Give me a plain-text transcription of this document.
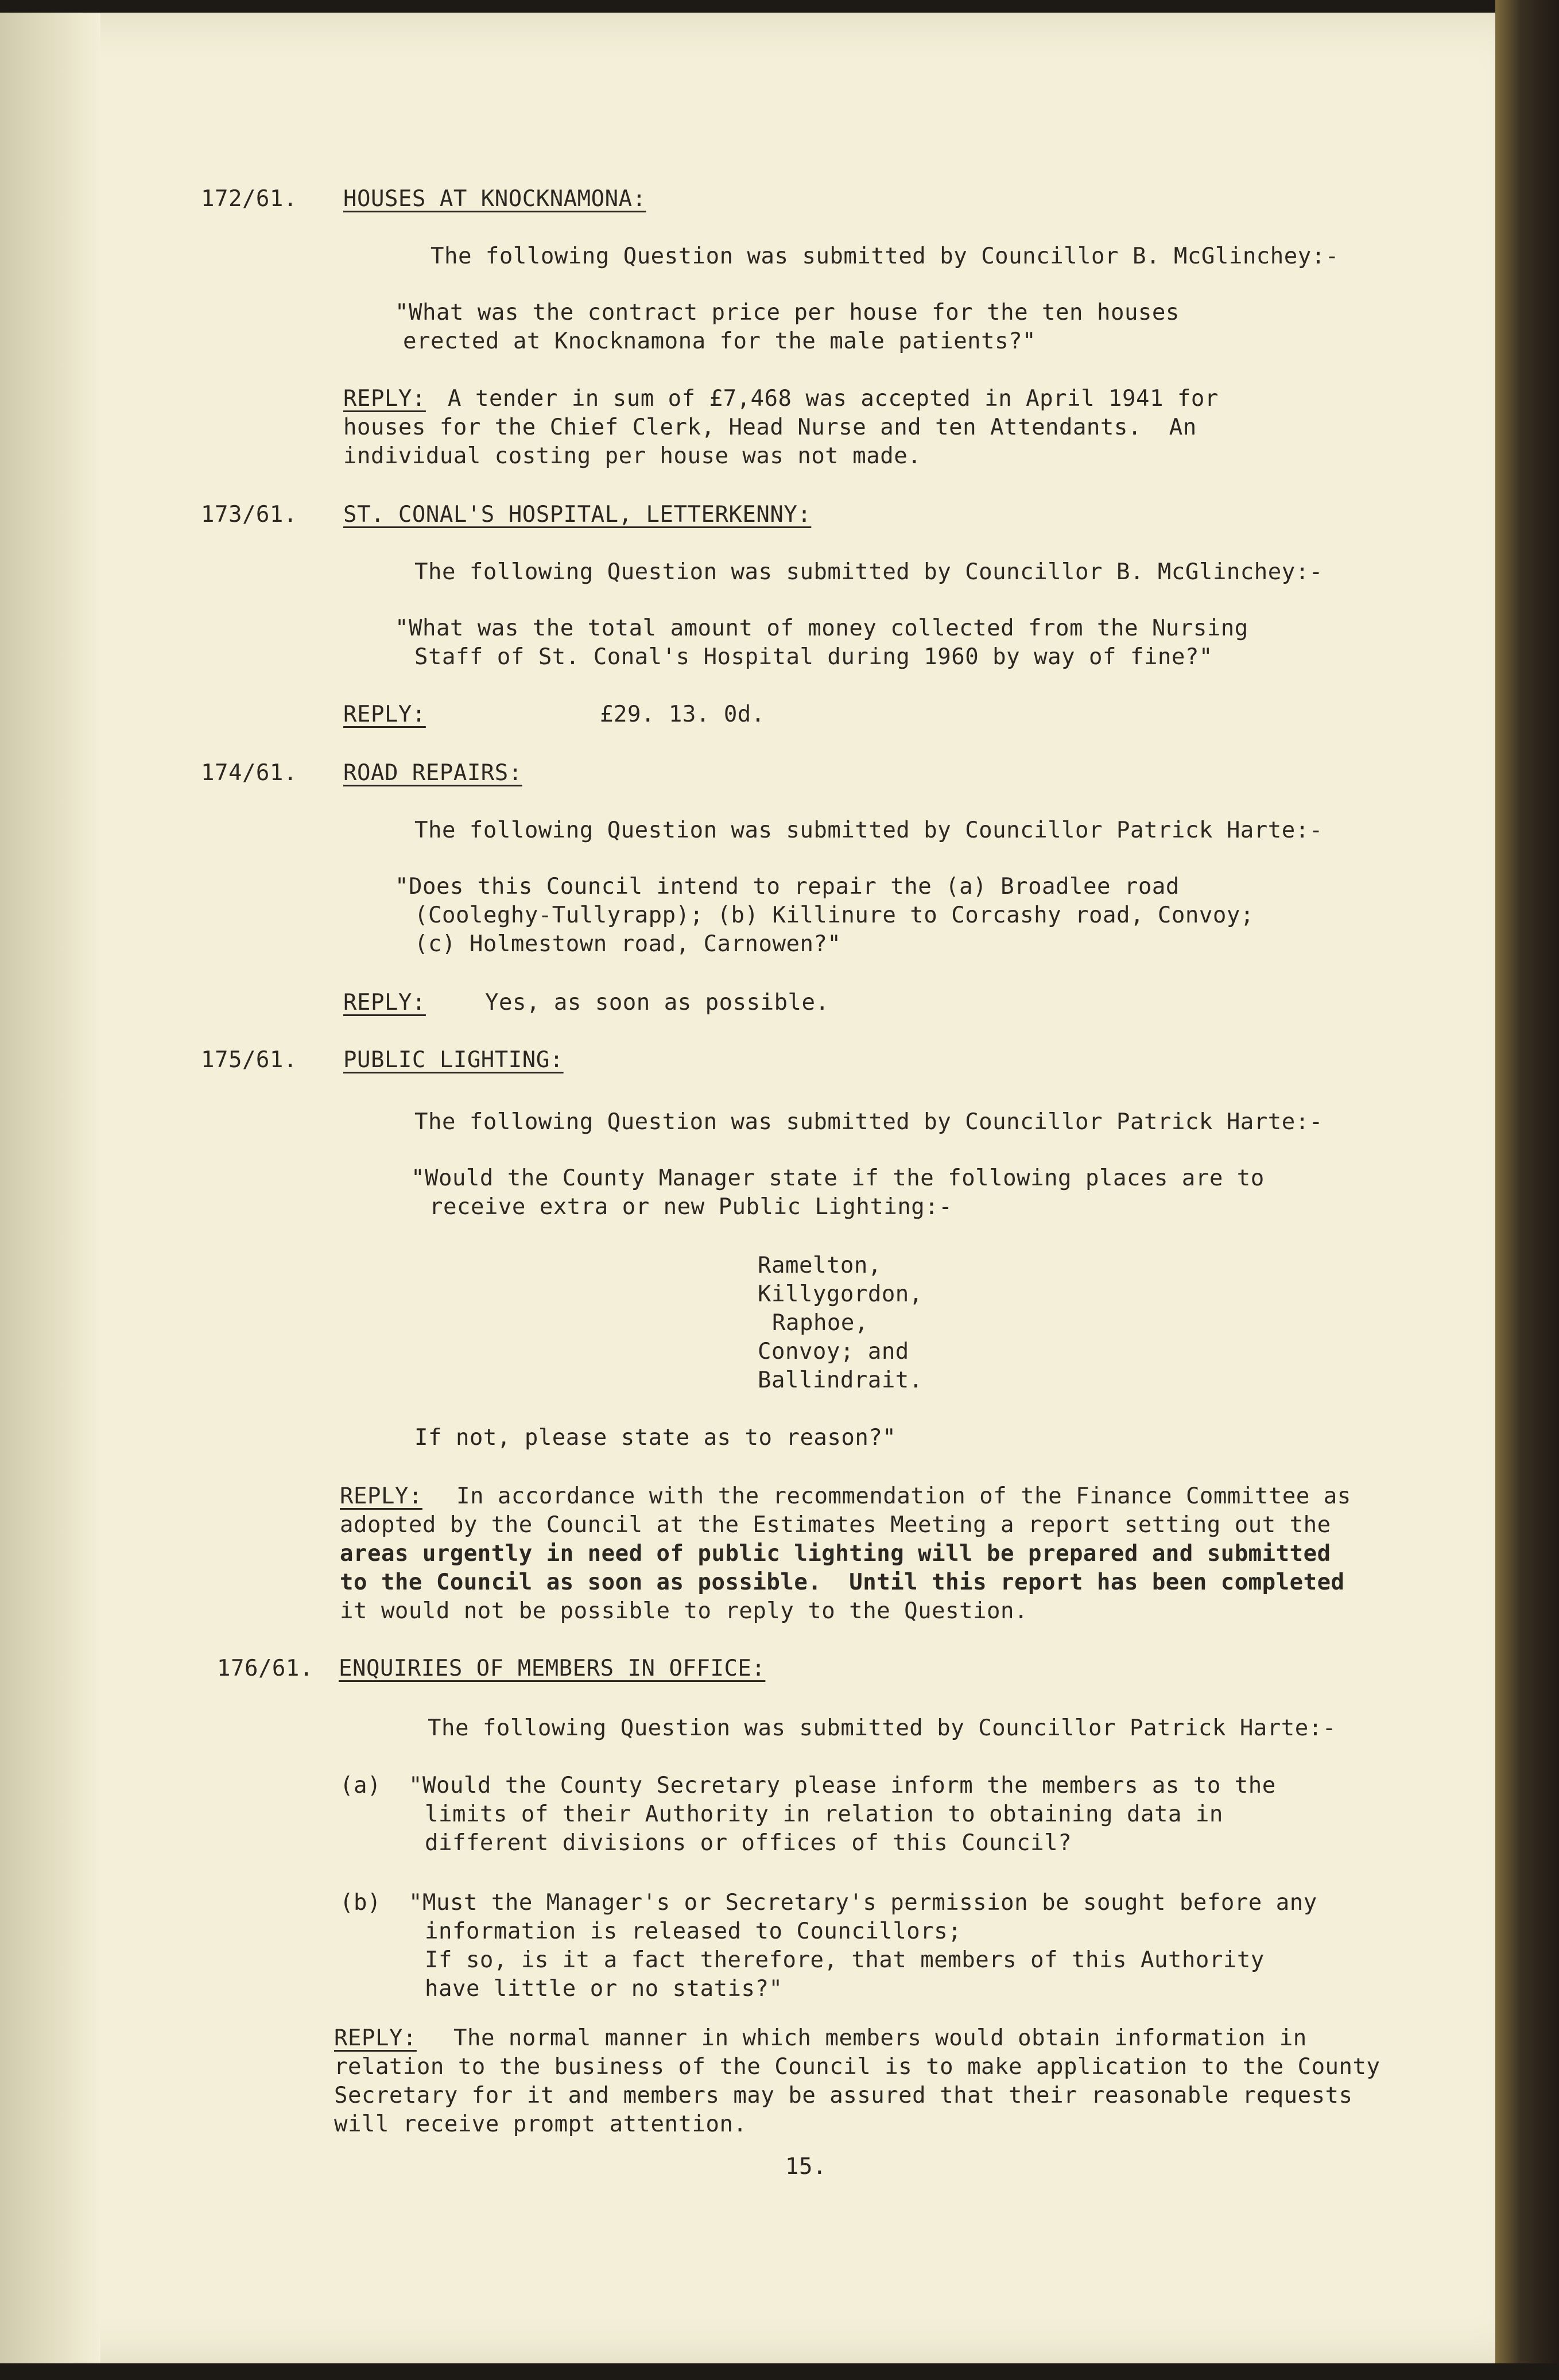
172/61. HOUSES AT KNOCKNAMONA:
The following Question was submitted by Councillor B. McGlinchey:-
"What was the contract price per house for the ten houses
erected at Knocknamona for the male patients?"
REPLY: A tender in sum of £7,468 was accepted in April 1941 for
houses for the Chief Clerk, Head Nurse and ten Attendants.  An
individual costing per house was not made.
173/61. ST. CONAL'S HOSPITAL, LETTERKENNY:
The following Question was submitted by Councillor B. McGlinchey:-
"What was the total amount of money collected from the Nursing
Staff of St. Conal's Hospital during 1960 by way of fine?"
REPLY:	£29. 13. 0d.
174/61. ROAD REPAIRS:
The following Question was submitted by Councillor Patrick Harte:-
"Does this Council intend to repair the (a) Broadlee road
(Cooleghy-Tullyrapp); (b) Killinure to Corcashy road, Convoy;
(c) Holmestown road, Carnowen?"
REPLY:	Yes, as soon as possible.
175/61. PUBLIC LIGHTING:
The following Question was submitted by Councillor Patrick Harte:-
"Would the County Manager state if the following places are to
receive extra or new Public Lighting:-
Ramelton,
Killygordon,
Raphoe,
Convoy; and
Ballindrait.
If not, please state as to reason?"
REPLY: In accordance with the recommendation of the Finance Committee as
adopted by the Council at the Estimates Meeting a report setting out the
areas urgently in need of public lighting will be prepared and submitted
to the Council as soon as possible.  Until this report has been completed
it would not be possible to reply to the Question.
176/61. ENQUIRIES OF MEMBERS IN OFFICE:
The following Question was submitted by Councillor Patrick Harte:-
(a) "Would the County Secretary please inform the members as to the
limits of their Authority in relation to obtaining data in
different divisions or offices of this Council?
(b) "Must the Manager's or Secretary's permission be sought before any
information is released to Councillors;
If so, is it a fact therefore, that members of this Authority
have little or no statis?"
REPLY: The normal manner in which members would obtain information in
relation to the business of the Council is to make application to the County
Secretary for it and members may be assured that their reasonable requests
will receive prompt attention.
15.
